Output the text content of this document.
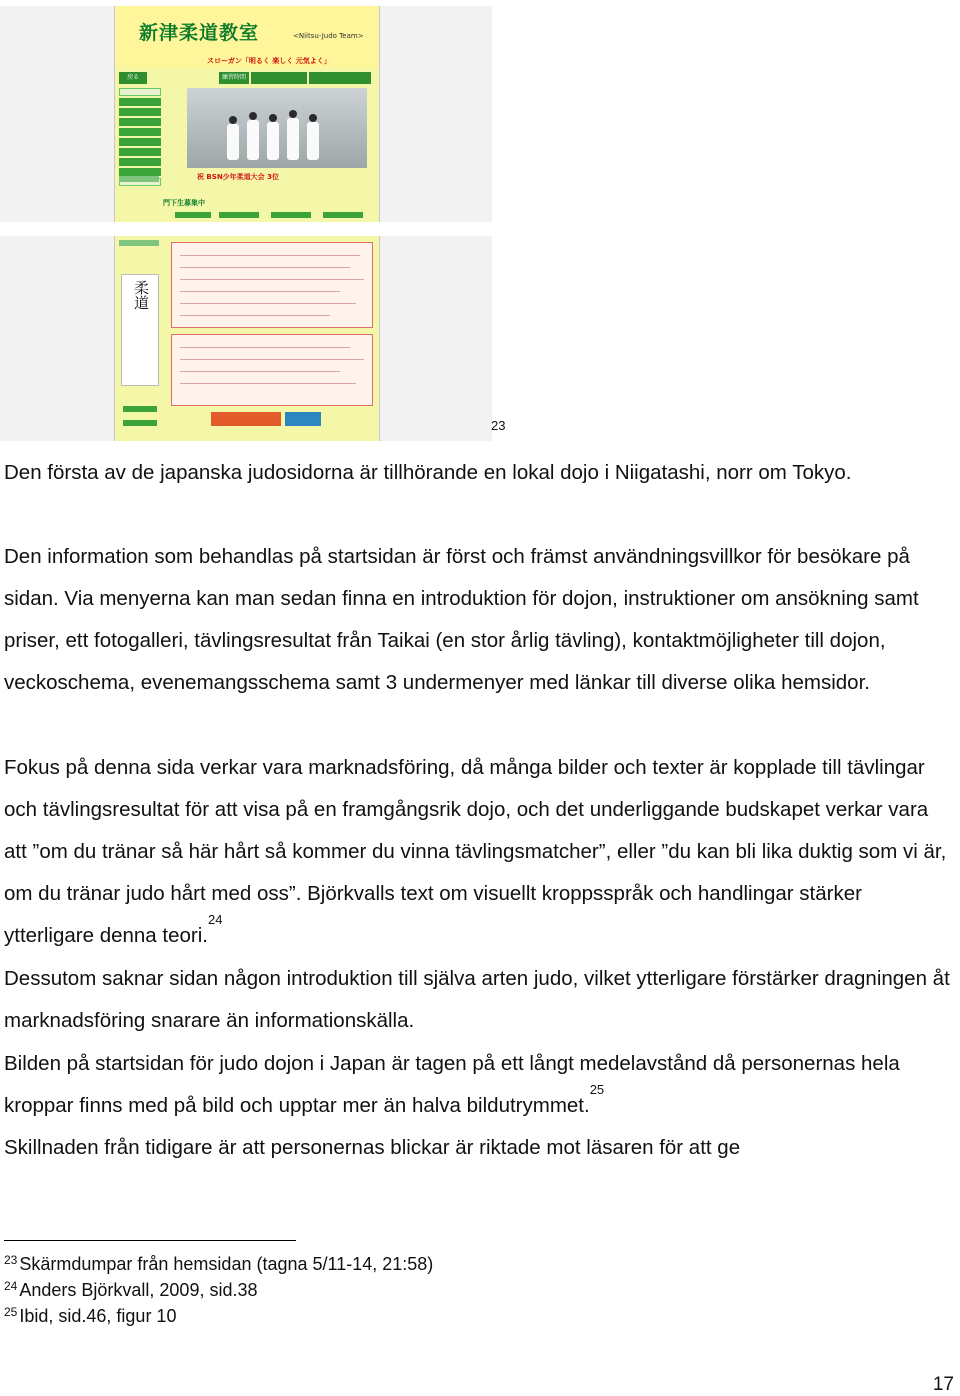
新津柔道教室	<Niitsu-Judo Team>
スローガン「明るく 楽しく 元気よく」
戻る	練習時間
祝 BSN少年柔道大会 3位
門下生募集中
柔道
23

Den första av de japanska judosidorna är tillhörande en lokal dojo i Niigatashi, norr om Tokyo.

Den information som behandlas på startsidan är först och främst användningsvillkor för besökare på sidan. Via menyerna kan man sedan finna en introduktion för dojon, instruktioner om ansökning samt priser, ett fotogalleri, tävlingsresultat från Taikai (en stor årlig tävling), kontaktmöjligheter till dojon, veckoschema, evenemangsschema samt 3 undermenyer med länkar till diverse olika hemsidor.

Fokus på denna sida verkar vara marknadsföring, då många bilder och texter är kopplade till tävlingar och tävlingsresultat för att visa på en framgångsrik dojo, och det underliggande budskapet verkar vara att ”om du tränar så här hårt så kommer du vinna tävlingsmatcher”, eller ”du kan bli lika duktig som vi är, om du tränar judo hårt med oss”. Björkvalls text om visuellt kroppsspråk och handlingar stärker ytterligare denna teori.$^{24}$

Dessutom saknar sidan någon introduktion till själva arten judo, vilket ytterligare förstärker dragningen åt marknadsföring snarare än informationskälla.

Bilden på startsidan för judo dojon i Japan är tagen på ett långt medelavstånd då personernas hela kroppar finns med på bild och upptar mer än halva bildutrymmet.$^{25}$

Skillnaden från tidigare är att personernas blickar är riktade mot läsaren för att ge

$^{23}$ Skärmdumpar från hemsidan (tagna 5/11-14, 21:58)

$^{24}$ Anders Björkvall, 2009, sid.38

$^{25}$ Ibid, sid.46, figur 10

17
